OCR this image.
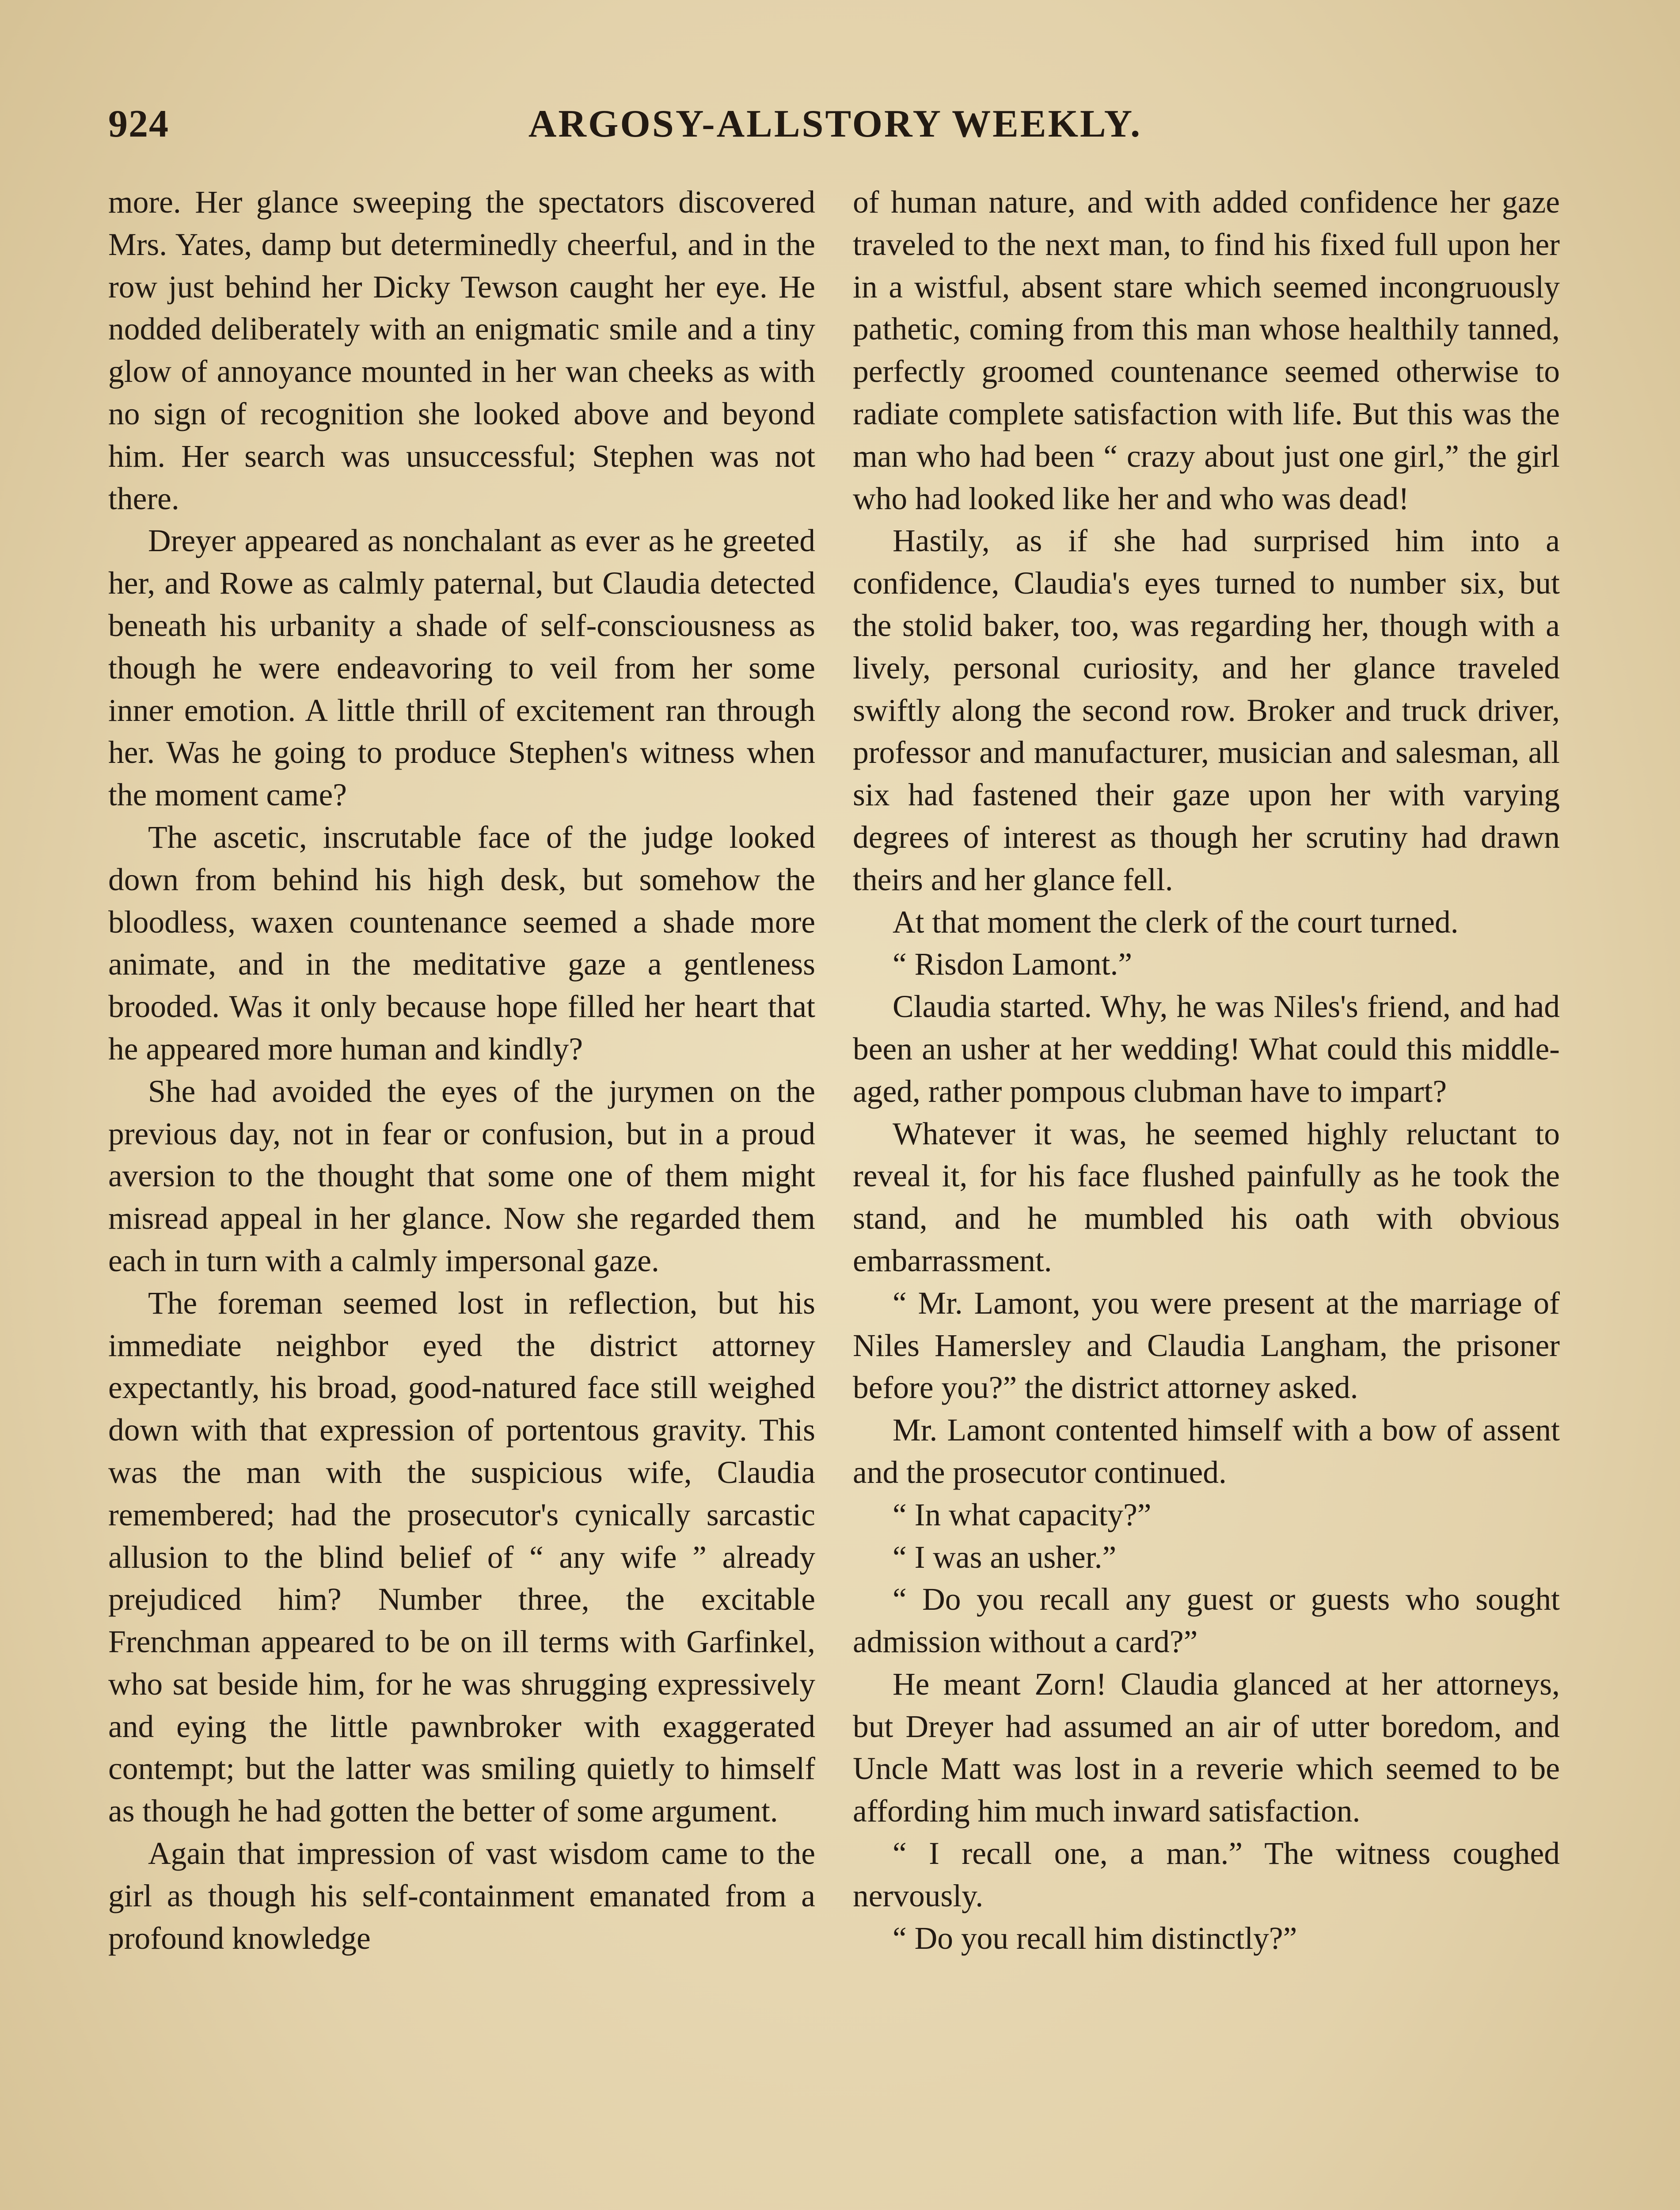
924	ARGOSY-ALLSTORY WEEKLY.

more. Her glance sweeping the spectators discovered Mrs. Yates, damp but determinedly cheerful, and in the row just behind her Dicky Tewson caught her eye. He nodded deliberately with an enigmatic smile and a tiny glow of annoyance mounted in her wan cheeks as with no sign of recognition she looked above and beyond him. Her search was unsuccessful; Stephen was not there.

Dreyer appeared as nonchalant as ever as he greeted her, and Rowe as calmly paternal, but Claudia detected beneath his urbanity a shade of self-consciousness as though he were endeavoring to veil from her some inner emotion. A little thrill of excitement ran through her. Was he going to produce Stephen's witness when the moment came?

The ascetic, inscrutable face of the judge looked down from behind his high desk, but somehow the bloodless, waxen countenance seemed a shade more animate, and in the meditative gaze a gentleness brooded. Was it only because hope filled her heart that he appeared more human and kindly?

She had avoided the eyes of the jurymen on the previous day, not in fear or confusion, but in a proud aversion to the thought that some one of them might misread appeal in her glance. Now she regarded them each in turn with a calmly impersonal gaze.

The foreman seemed lost in reflection, but his immediate neighbor eyed the district attorney expectantly, his broad, good-natured face still weighed down with that expression of portentous gravity. This was the man with the suspicious wife, Claudia remembered; had the prosecutor's cynically sarcastic allusion to the blind belief of “ any wife ” already prejudiced him? Number three, the excitable Frenchman appeared to be on ill terms with Garfinkel, who sat beside him, for he was shrugging expressively and eying the little pawnbroker with exaggerated contempt; but the latter was smiling quietly to himself as though he had gotten the better of some argument.

Again that impression of vast wisdom came to the girl as though his self-containment emanated from a profound knowledge

of human nature, and with added confidence her gaze traveled to the next man, to find his fixed full upon her in a wistful, absent stare which seemed incongruously pathetic, coming from this man whose healthily tanned, perfectly groomed countenance seemed otherwise to radiate complete satisfaction with life. But this was the man who had been “ crazy about just one girl,” the girl who had looked like her and who was dead!

Hastily, as if she had surprised him into a confidence, Claudia's eyes turned to number six, but the stolid baker, too, was regarding her, though with a lively, personal curiosity, and her glance traveled swiftly along the second row. Broker and truck driver, professor and manufacturer, musician and salesman, all six had fastened their gaze upon her with varying degrees of interest as though her scrutiny had drawn theirs and her glance fell.

At that moment the clerk of the court turned.

“ Risdon Lamont.”

Claudia started. Why, he was Niles's friend, and had been an usher at her wedding! What could this middle-aged, rather pompous clubman have to impart?

Whatever it was, he seemed highly reluctant to reveal it, for his face flushed painfully as he took the stand, and he mumbled his oath with obvious embarrassment.

“ Mr. Lamont, you were present at the marriage of Niles Hamersley and Claudia Langham, the prisoner before you?” the district attorney asked.

Mr. Lamont contented himself with a bow of assent and the prosecutor continued.

“ In what capacity?”

“ I was an usher.”

“ Do you recall any guest or guests who sought admission without a card?”

He meant Zorn! Claudia glanced at her attorneys, but Dreyer had assumed an air of utter boredom, and Uncle Matt was lost in a reverie which seemed to be affording him much inward satisfaction.

“ I recall one, a man.” The witness coughed nervously.

“ Do you recall him distinctly?”
